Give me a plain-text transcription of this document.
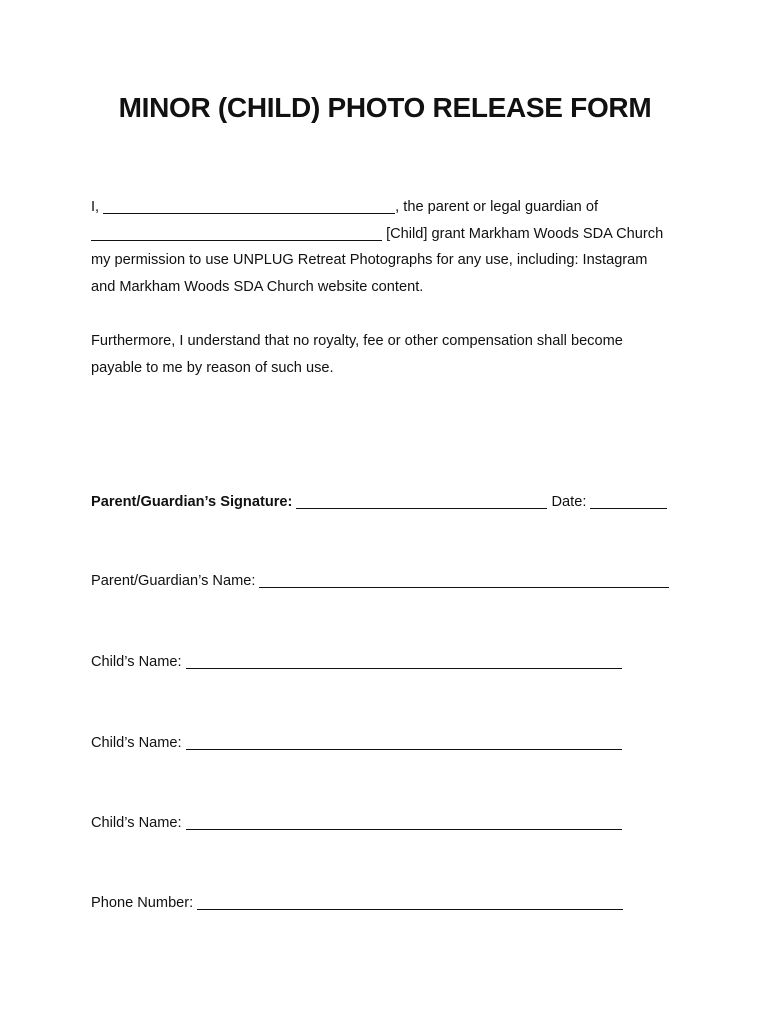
MINOR (CHILD) PHOTO RELEASE FORM
I,	, the parent or legal guardian of
[Child] grant Markham Woods SDA Church
my permission to use UNPLUG Retreat Photographs for any use, including: Instagram
and Markham Woods SDA Church website content.
Furthermore, I understand that no royalty, fee or other compensation shall become
payable to me by reason of such use.
Parent/Guardian’s Signature:	Date:
Parent/Guardian’s Name:
Child’s Name:
Child’s Name:
Child’s Name:
Phone Number:
